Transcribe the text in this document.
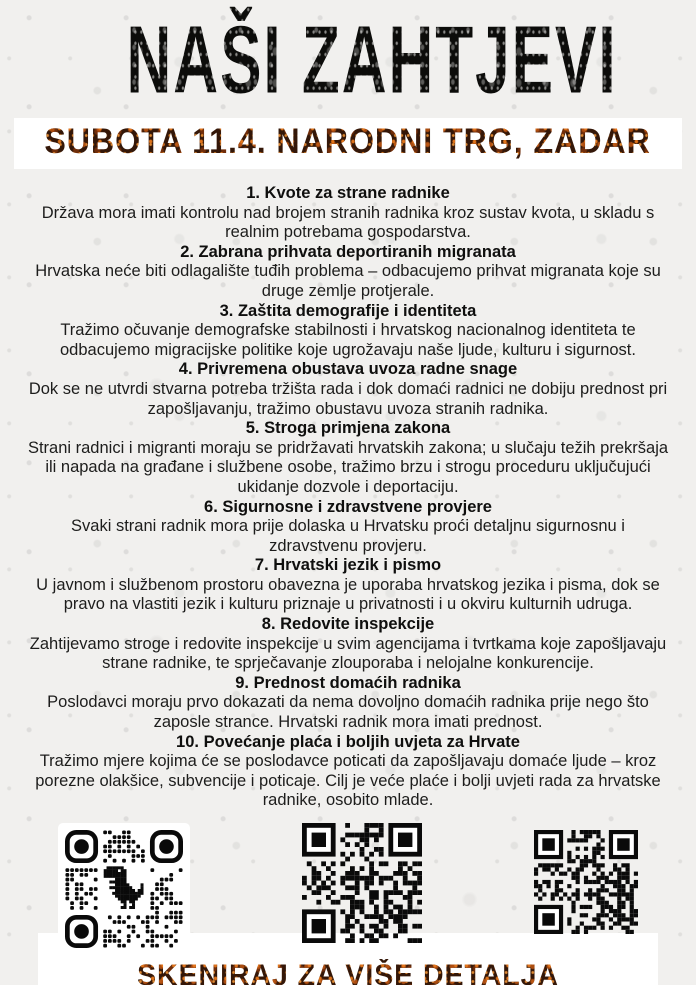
NAŠI ZAHTJEVI
SUBOTA 11.4. NARODNI TRG, ZADAR
1. Kvote za strane radnike

Država mora imati kontrolu nad brojem stranih radnika kroz sustav kvota, u skladu s realnim potrebama gospodarstva.

2. Zabrana prihvata deportiranih migranata

Hrvatska neće biti odlagalište tuđih problema – odbacujemo prihvat migranata koje su druge zemlje protjerale.

3. Zaštita demografije i identiteta

Tražimo očuvanje demografske stabilnosti i hrvatskog nacionalnog identiteta te odbacujemo migracijske politike koje ugrožavaju naše ljude, kulturu i sigurnost.

4. Privremena obustava uvoza radne snage

Dok se ne utvrdi stvarna potreba tržišta rada i dok domaći radnici ne dobiju prednost pri zapošljavanju, tražimo obustavu uvoza stranih radnika.

5. Stroga primjena zakona

Strani radnici i migranti moraju se pridržavati hrvatskih zakona; u slučaju težih prekršaja ili napada na građane i službene osobe, tražimo brzu i strogu proceduru uključujući ukidanje dozvole i deportaciju.

6. Sigurnosne i zdravstvene provjere

Svaki strani radnik mora prije dolaska u Hrvatsku proći detaljnu sigurnosnu i zdravstvenu provjeru.

7. Hrvatski jezik i pismo

U javnom i službenom prostoru obavezna je uporaba hrvatskog jezika i pisma, dok se pravo na vlastiti jezik i kulturu priznaje u privatnosti i u okviru kulturnih udruga.

8. Redovite inspekcije

Zahtijevamo stroge i redovite inspekcije u svim agencijama i tvrtkama koje zapošljavaju strane radnike, te sprječavanje zlouporaba i nelojalne konkurencije.

9. Prednost domaćih radnika

Poslodavci moraju prvo dokazati da nema dovoljno domaćih radnika prije nego što zaposle strance. Hrvatski radnik mora imati prednost.

10. Povećanje plaća i boljih uvjeta za Hrvate

Tražimo mjere kojima će se poslodavce poticati da zapošljavaju domaće ljude – kroz porezne olakšice, subvencije i poticaje. Cilj je veće plaće i bolji uvjeti rada za hrvatske radnike, osobito mlade.

SKENIRAJ ZA VIŠE DETALJA
